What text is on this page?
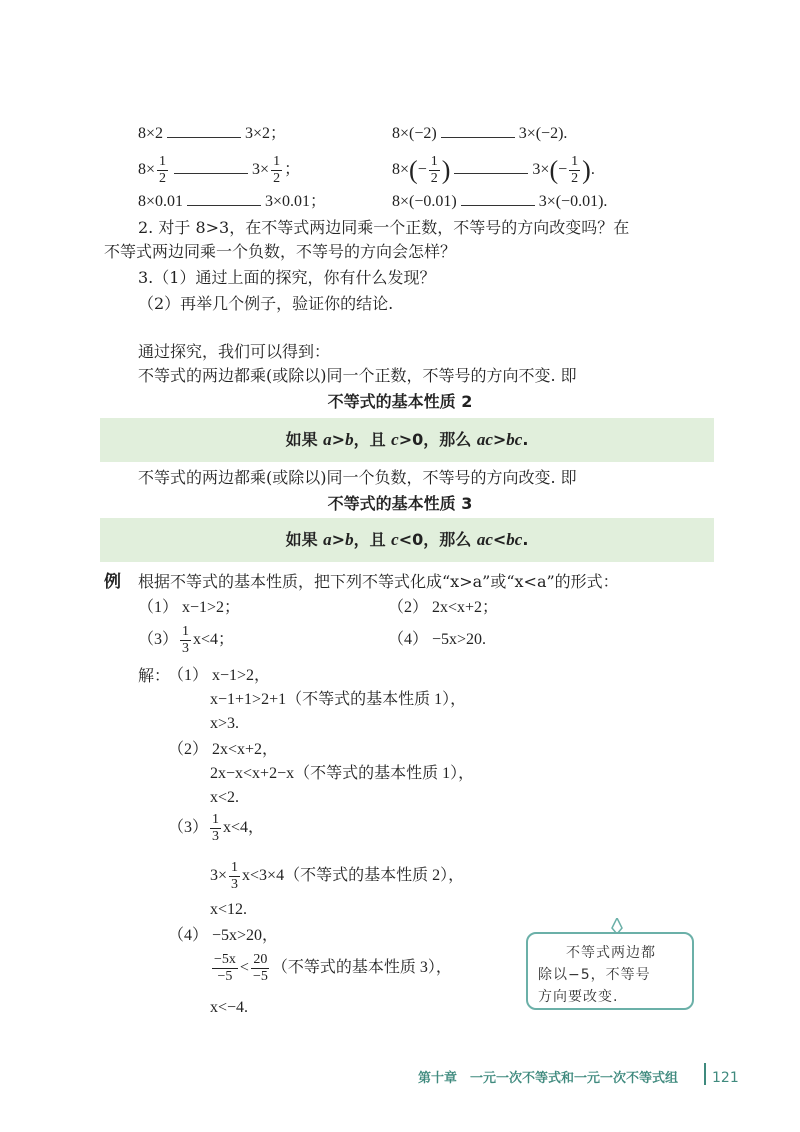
8×2	3×2；	8×(−2)	3×(−2).
$8\times \frac{1}{2}$	$3\times \frac{1}{2}$ ；	$8\times(- \frac{1}{2}$ )	$3\times(- \frac{1}{2}$ ).
8×0.01	3×0.01；	8×(−0.01)	3×(−0.01).
2. 对于 8>3，在不等式两边同乘一个正数，不等号的方向改变吗？在
不等式两边同乘一个负数，不等号的方向会怎样？
3.（1）通过上面的探究，你有什么发现？
（2）再举几个例子，验证你的结论.
通过探究，我们可以得到：
不等式的两边都乘(或除以)同一个正数，不等号的方向不变. 即
不等式的基本性质 2
如果 a>b，且 c>0，那么 ac>bc.
不等式的两边都乘(或除以)同一个负数，不等号的方向改变. 即
不等式的基本性质 3
如果 a>b，且 c<0，那么 ac<bc.
例 根据不等式的基本性质，把下列不等式化成“x>a”或“x<a”的形式：
（1） x−1>2；	（2） 2x<x+2；
$(3) \frac{1}{3} x<4$；	（4） −5x>20.
解：
（1） x−1>2，
x−1+1>2+1（不等式的基本性质 1），
x>3.
（2） 2x<x+2，
2x−x<x+2−x（不等式的基本性质 1），
x<2.
$(3) \frac{1}{3} x<4$，
$3\times \frac{1}{3} x<3\times 4$（不等式的基本性质 2），
x<12.
（4） −5x>20，
$\frac{-5x}{-5} < \frac{20}{-5}$ （不等式的基本性质 3），
x<−4.
不等式两边都
除以−5，不等号
方向要改变.
第十章　一元一次不等式和一元一次不等式组 121
